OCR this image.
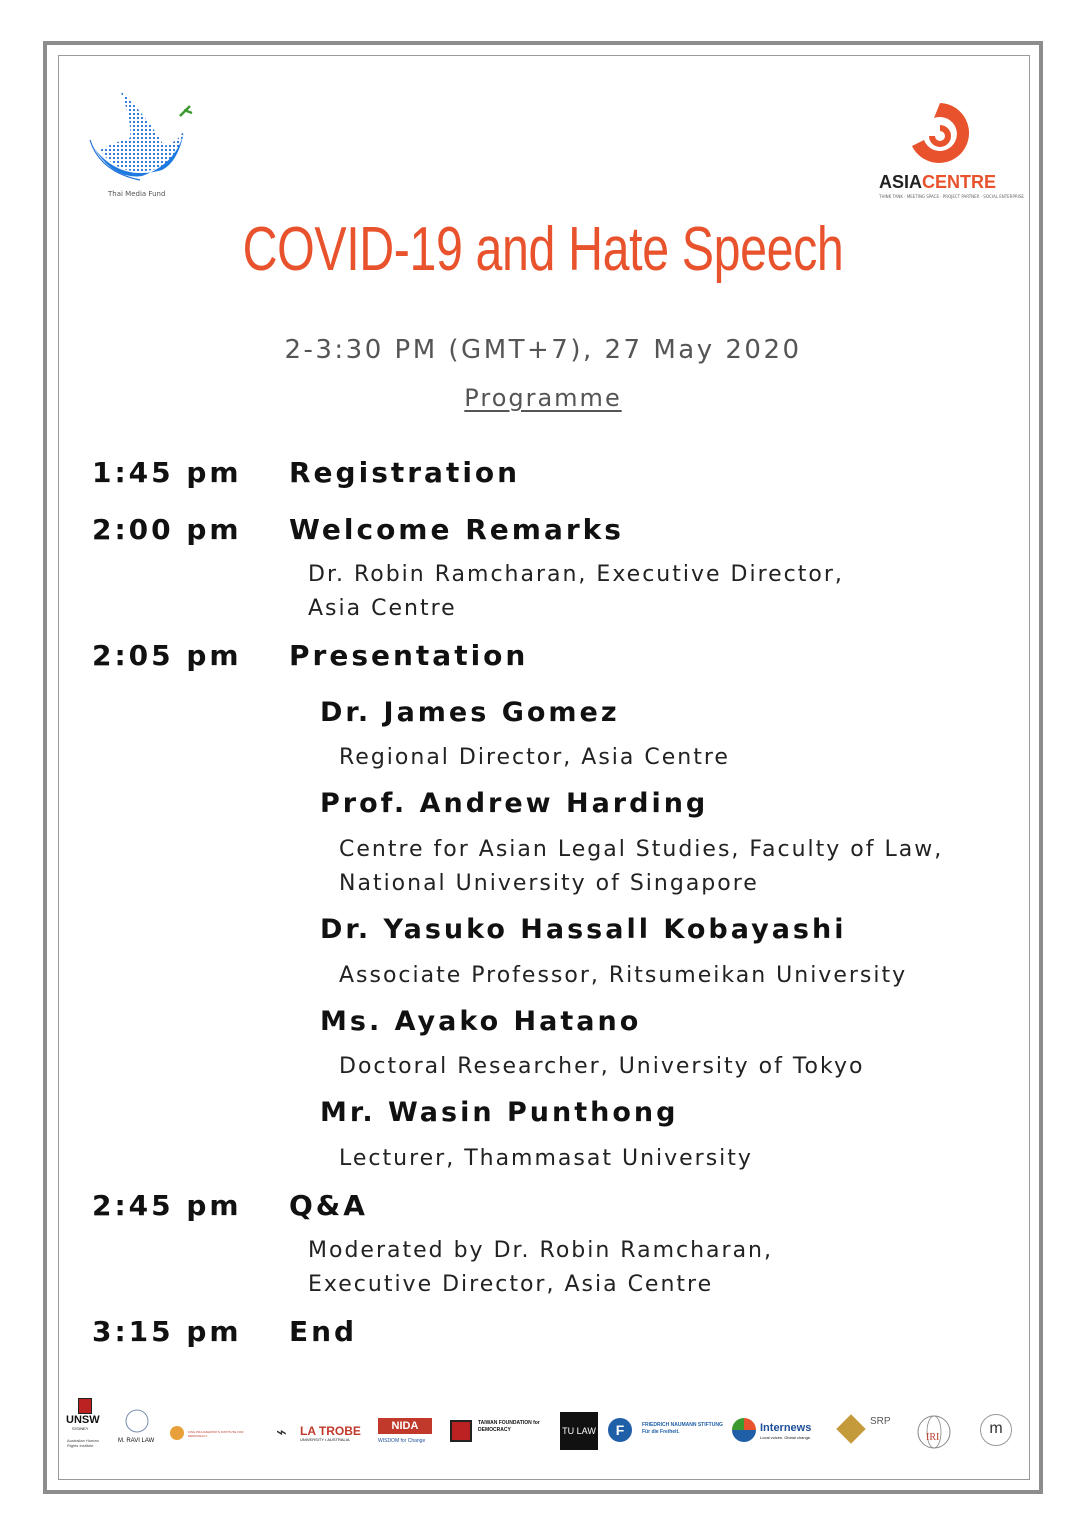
Thai Media Fund
ASIACENTRE
THINK TANK · MEETING SPACE · PROJECT PARTNER · SOCIAL ENTERPRISE
COVID-19 and Hate Speech
2-3:30 PM (GMT+7), 27 May 2020
Programme
1:45 pm Registration
2:00 pm Welcome Remarks
Dr. Robin Ramcharan, Executive Director,
Asia Centre
2:05 pm Presentation
Dr. James Gomez
Regional Director, Asia Centre
Prof. Andrew Harding
Centre for Asian Legal Studies, Faculty of Law,
National University of Singapore
Dr. Yasuko Hassall Kobayashi
Associate Professor, Ritsumeikan University
Ms. Ayako Hatano
Doctoral Researcher, University of Tokyo
Mr. Wasin Punthong
Lecturer, Thammasat University
2:45 pm Q&A
Moderated by Dr. Robin Ramcharan,
Executive Director, Asia Centre
3:15 pm End
UNSW
SYDNEY
Australian Human Rights Institute
M. RAVI LAW
KING PRAJADHIPOK'S INSTITUTE FOR DEMOCRACY	⌁ LA TROBE
UNIVERSITY • AUSTRALIA
NIDA
WISDOM for Change
TAIWAN FOUNDATION for DEMOCRACY	TU LAW	F	FRIEDRICH NAUMANN STIFTUNG Für die Freiheit.	Internews
Local voices. Global change.
SRP
IRI
m
